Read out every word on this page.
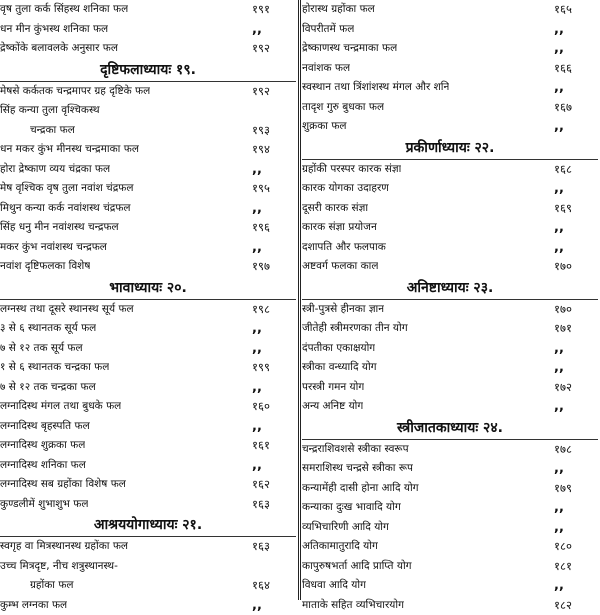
वृष तुला कर्क सिंहस्थ शनिका फल	१९१
धन मीन कुंभस्थ शनिका फल	,,
द्रेष्कोंके बलावलके अनुसार फल	१९२
दृष्टिफलाध्यायः १९.
मेषसे कर्कतक चन्द्रमापर ग्रह दृष्टिके फल	१९२
सिंह कन्या तुला वृश्चिकस्थ
चन्द्रका फल	१९३
धन मकर कुंभ मीनस्थ चन्द्रमाका फल	१९४
होरा द्रेष्काण व्यय चंद्रका फल	,,
मेष वृश्चिक वृष तुला नवांश चंद्रफल	१९५
मिथुन कन्या कर्क नवांशस्थ चंद्रफल	,,
सिंह धनु मीन नवांशस्थ चन्द्रफल	१९६
मकर कुंभ नवांशस्थ चन्द्रफल	,,
नवांश दृष्टिफलका विशेष	१९७
भावाध्यायः २०.
लग्नस्थ तथा दूसरे स्थानस्थ सूर्य फल	१९८
३ से ६ स्थानतक सूर्य फल	,,
७ से १२ तक सूर्य फल	,,
१ से ६ स्थानतक चन्द्रका फल	१९९
७ से १२ तक चन्द्रका फल	,,
लग्नादिस्थ मंगल तथा बुधके फल	१६०
लग्नादिस्थ बृहस्पति फल	,,
लग्नादिस्थ शुक्रका फल	१६१
लग्नादिस्थ शनिका फल	,,
लग्नादिस्थ सब ग्रहोंका विशेष फल	१६२
कुण्डलीमें शुभाशुभ फल	१६३
आश्रययोगाध्यायः २१.
स्वगृह वा मित्रस्थानस्थ ग्रहोंका फल	१६३
उच्च मित्रदृष्ट, नीच शत्रुस्थानस्थ-
ग्रहोंका फल	१६४
कुम्भ लग्नका फल	,,
होरास्थ ग्रहोंका फल	१६५
विपरीतमें फल	,,
द्रेष्काणस्थ चन्द्रमाका फल	,,
नवांशक फल	१६६
स्वस्थान तथा त्रिंशांशस्थ मंगल और शनि	,,
तादृश गुरु बुधका फल	१६७
शुक्रका फल	,,
प्रकीर्णाध्यायः २२.
ग्रहोंकी परस्पर कारक संज्ञा	१६८
कारक योगका उदाहरण	,,
दूसरी कारक संज्ञा	१६९
कारक संज्ञा प्रयोजन	,,
दशापति और फलपाक	,,
अष्टवर्ग फलका काल	१७०
अनिष्टाध्यायः २३.
स्त्री-पुत्रसे हीनका ज्ञान	१७०
जीतेही स्त्रीमरणका तीन योग	१७१
दंपतीका एकाक्षयोग	,,
स्त्रीका वन्ध्यादि योग	,,
परस्त्री गमन योग	१७२
अन्य अनिष्ट योग	,,
स्त्रीजातकाध्यायः २४.
चन्द्रराशिवशसे स्त्रीका स्वरूप	१७८
समराशिस्थ चन्द्रसे स्त्रीका रूप	,,
कन्यामेंही दासी होना आदि योग	१७९
कन्याका दुःख भावादि योग	,,
व्यभिचारिणी आदि योग	,,
अतिकामातुरादि योग	१८०
कापुरुषभर्ता आदि प्राप्ति योग	१८१
विधवा आदि योग	,,
माताके सहित व्यभिचारयोग	१८२
